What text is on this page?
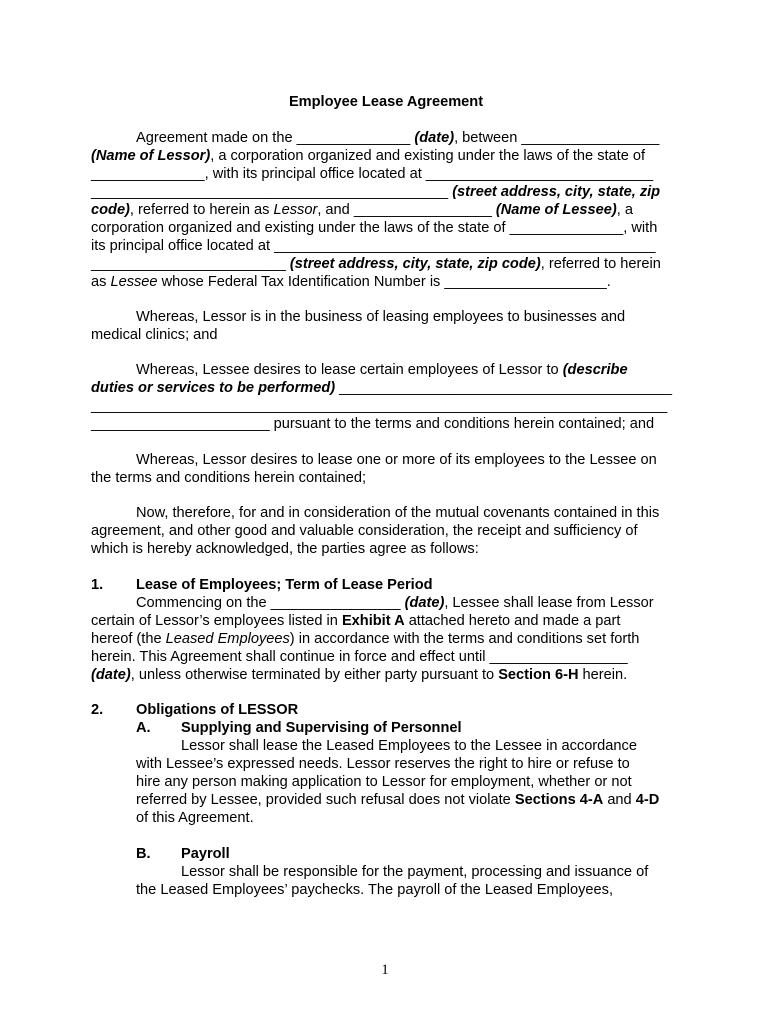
Employee Lease Agreement
Agreement made on the ______________ (date), between _________________
(Name of Lessor), a corporation organized and existing under the laws of the state of
______________, with its principal office located at ____________________________
____________________________________________ (street address, city, state, zip
code), referred to herein as Lessor, and _________________ (Name of Lessee), a
corporation organized and existing under the laws of the state of ______________, with
its principal office located at _______________________________________________
________________________ (street address, city, state, zip code), referred to herein
as Lessee whose Federal Tax Identification Number is ____________________.
Whereas, Lessor is in the business of leasing employees to businesses and
medical clinics; and
Whereas, Lessee desires to lease certain employees of Lessor to (describe
duties or services to be performed) _________________________________________
_______________________________________________________________________
______________________ pursuant to the terms and conditions herein contained; and
Whereas, Lessor desires to lease one or more of its employees to the Lessee on
the terms and conditions herein contained;
Now, therefore, for and in consideration of the mutual covenants contained in this
agreement, and other good and valuable consideration, the receipt and sufficiency of
which is hereby acknowledged, the parties agree as follows:
1. Lease of Employees; Term of Lease Period
Commencing on the ________________ (date), Lessee shall lease from Lessor
certain of Lessor’s employees listed in Exhibit A attached hereto and made a part
hereof (the Leased Employees) in accordance with the terms and conditions set forth
herein. This Agreement shall continue in force and effect until _________________
(date), unless otherwise terminated by either party pursuant to Section 6-H herein.
2. Obligations of LESSOR
A. Supplying and Supervising of Personnel
Lessor shall lease the Leased Employees to the Lessee in accordance
with Lessee’s expressed needs. Lessor reserves the right to hire or refuse to
hire any person making application to Lessor for employment, whether or not
referred by Lessee, provided such refusal does not violate Sections 4-A and 4-D
of this Agreement.
B. Payroll
Lessor shall be responsible for the payment, processing and issuance of
the Leased Employees’ paychecks. The payroll of the Leased Employees,
1
